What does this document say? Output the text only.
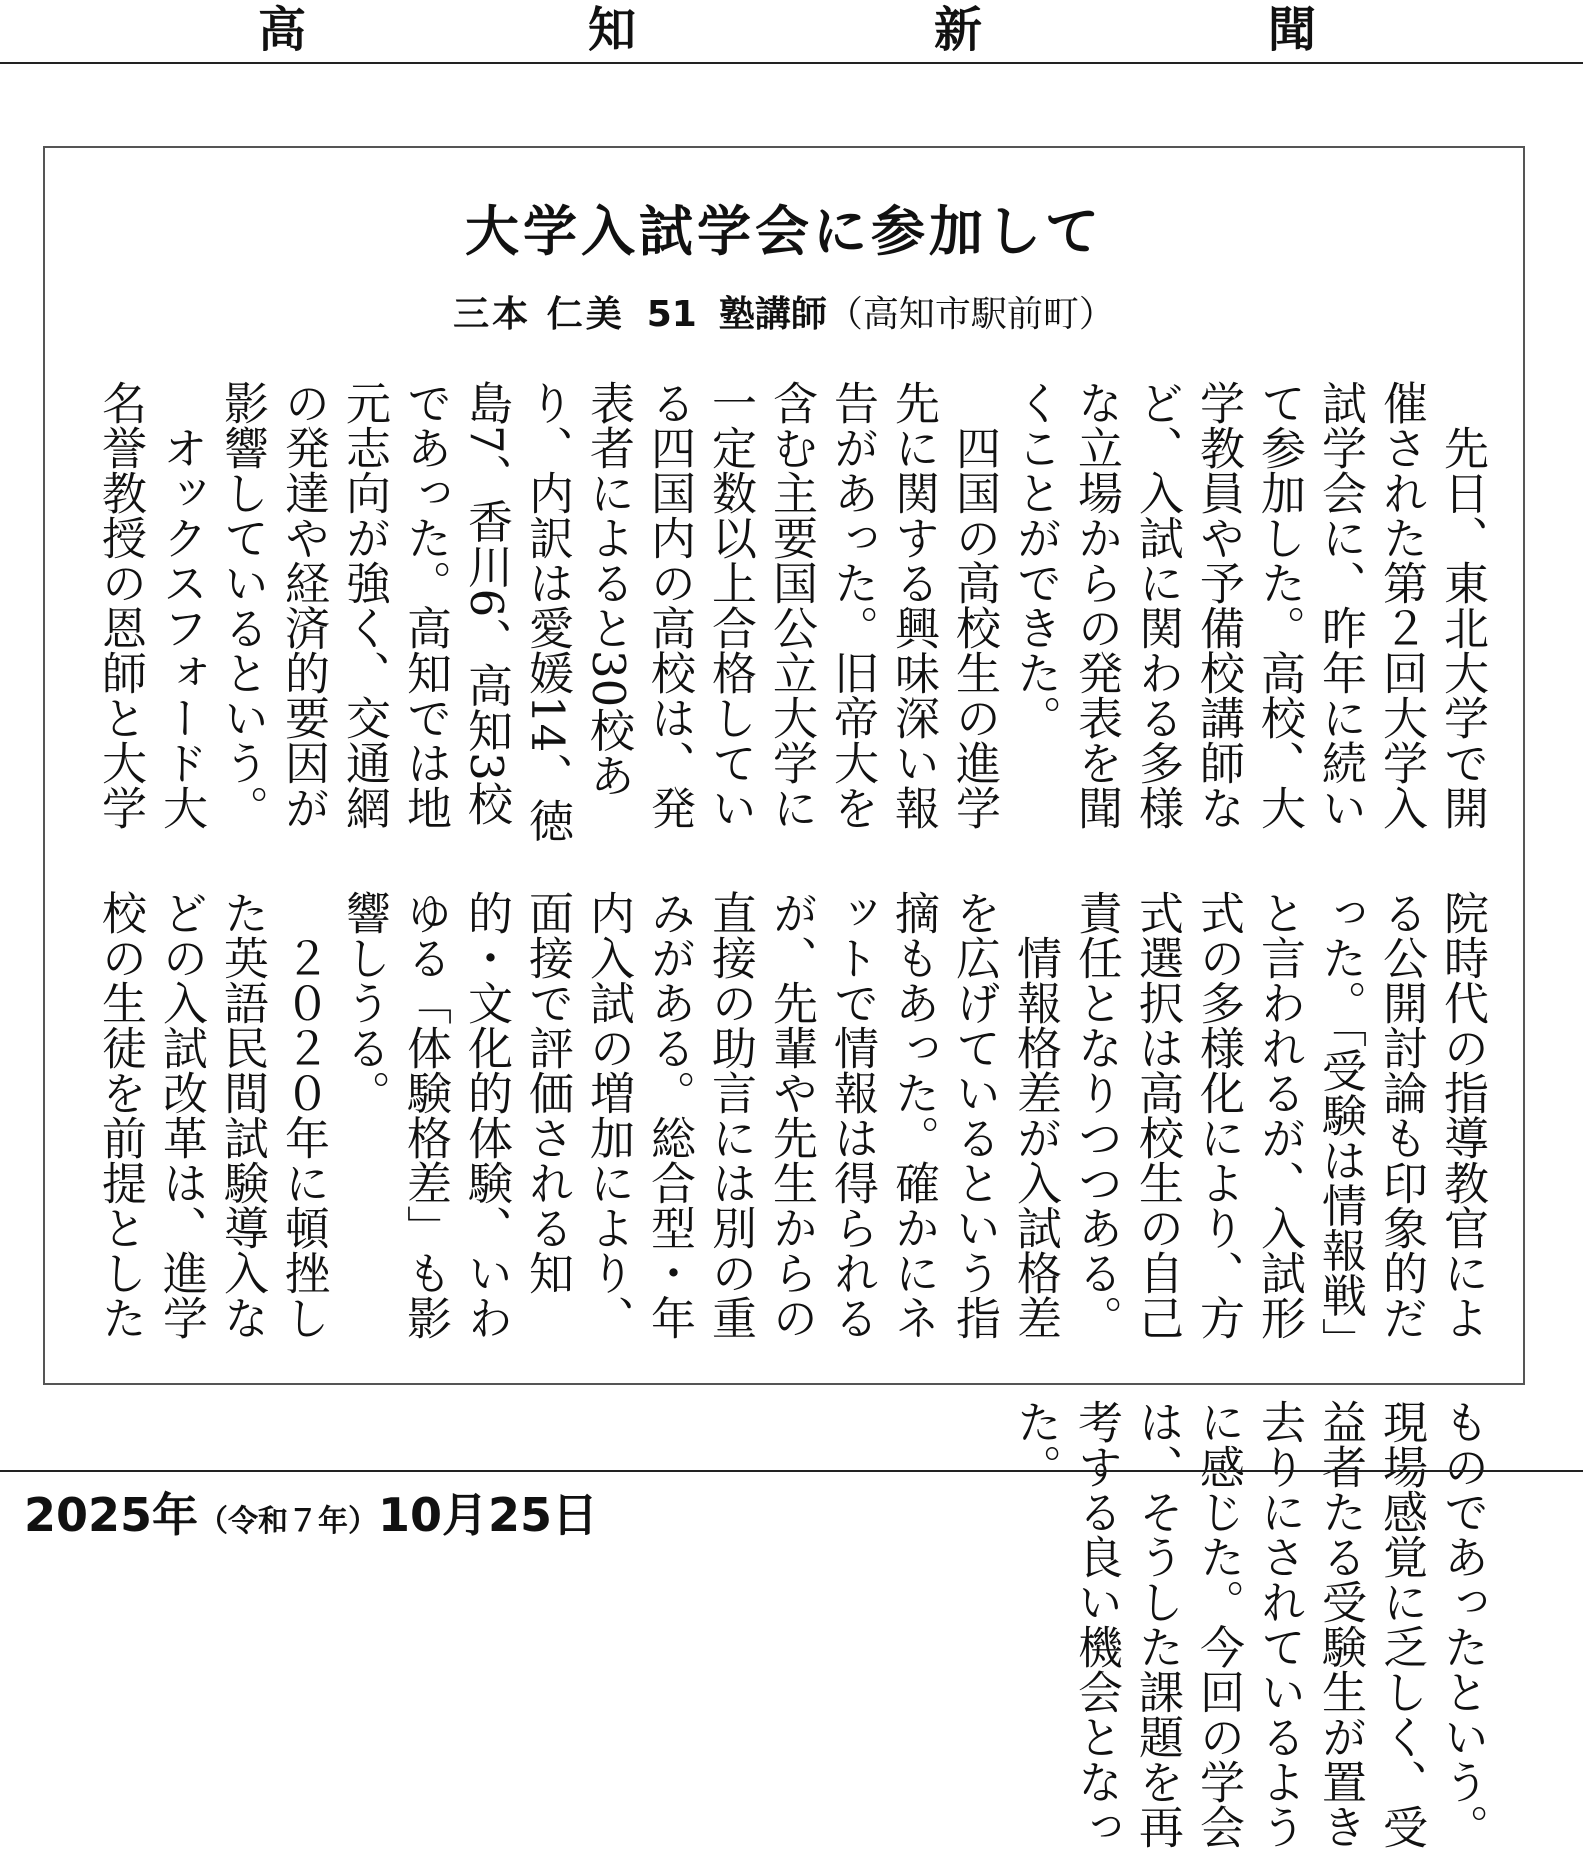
高	知	新	聞
大学入試学会に参加して
三本 仁美 51 塾講師（高知市駅前町）

先日、東北大学で開催された第２回大学入試学会に、昨年に続いて参加した。高校、大学教員や予備校講師など、入試に関わる多様な立場からの発表を聞くことができた。

四国の高校生の進学先に関する興味深い報告があった。旧帝大を含む主要国公立大学に一定数以上合格している四国内の高校は、発表者によると30校あり、内訳は愛媛14、徳島7、香川6、高知3校であった。高知では地元志向が強く、交通網の発達や経済的要因が影響しているという。

オックスフォード大名誉教授の恩師と大学院時代の指導教官による公開討論も印象的だった。「受験は情報戦」と言われるが、入試形式の多様化により、方式選択は高校生の自己責任となりつつある。

情報格差が入試格差を広げているという指摘もあった。確かにネットで情報は得られるが、先輩や先生からの直接の助言には別の重みがある。総合型・年内入試の増加により、面接で評価される知的・文化的体験、いわゆる「体験格差」も影響しうる。

２０２０年に頓挫した英語民間試験導入などの入試改革は、進学校の生徒を前提としたものであったという。現場感覚に乏しく、受益者たる受験生が置き去りにされているように感じた。今回の学会は、そうした課題を再考する良い機会となった。

2025年（令和７年）10月25日
